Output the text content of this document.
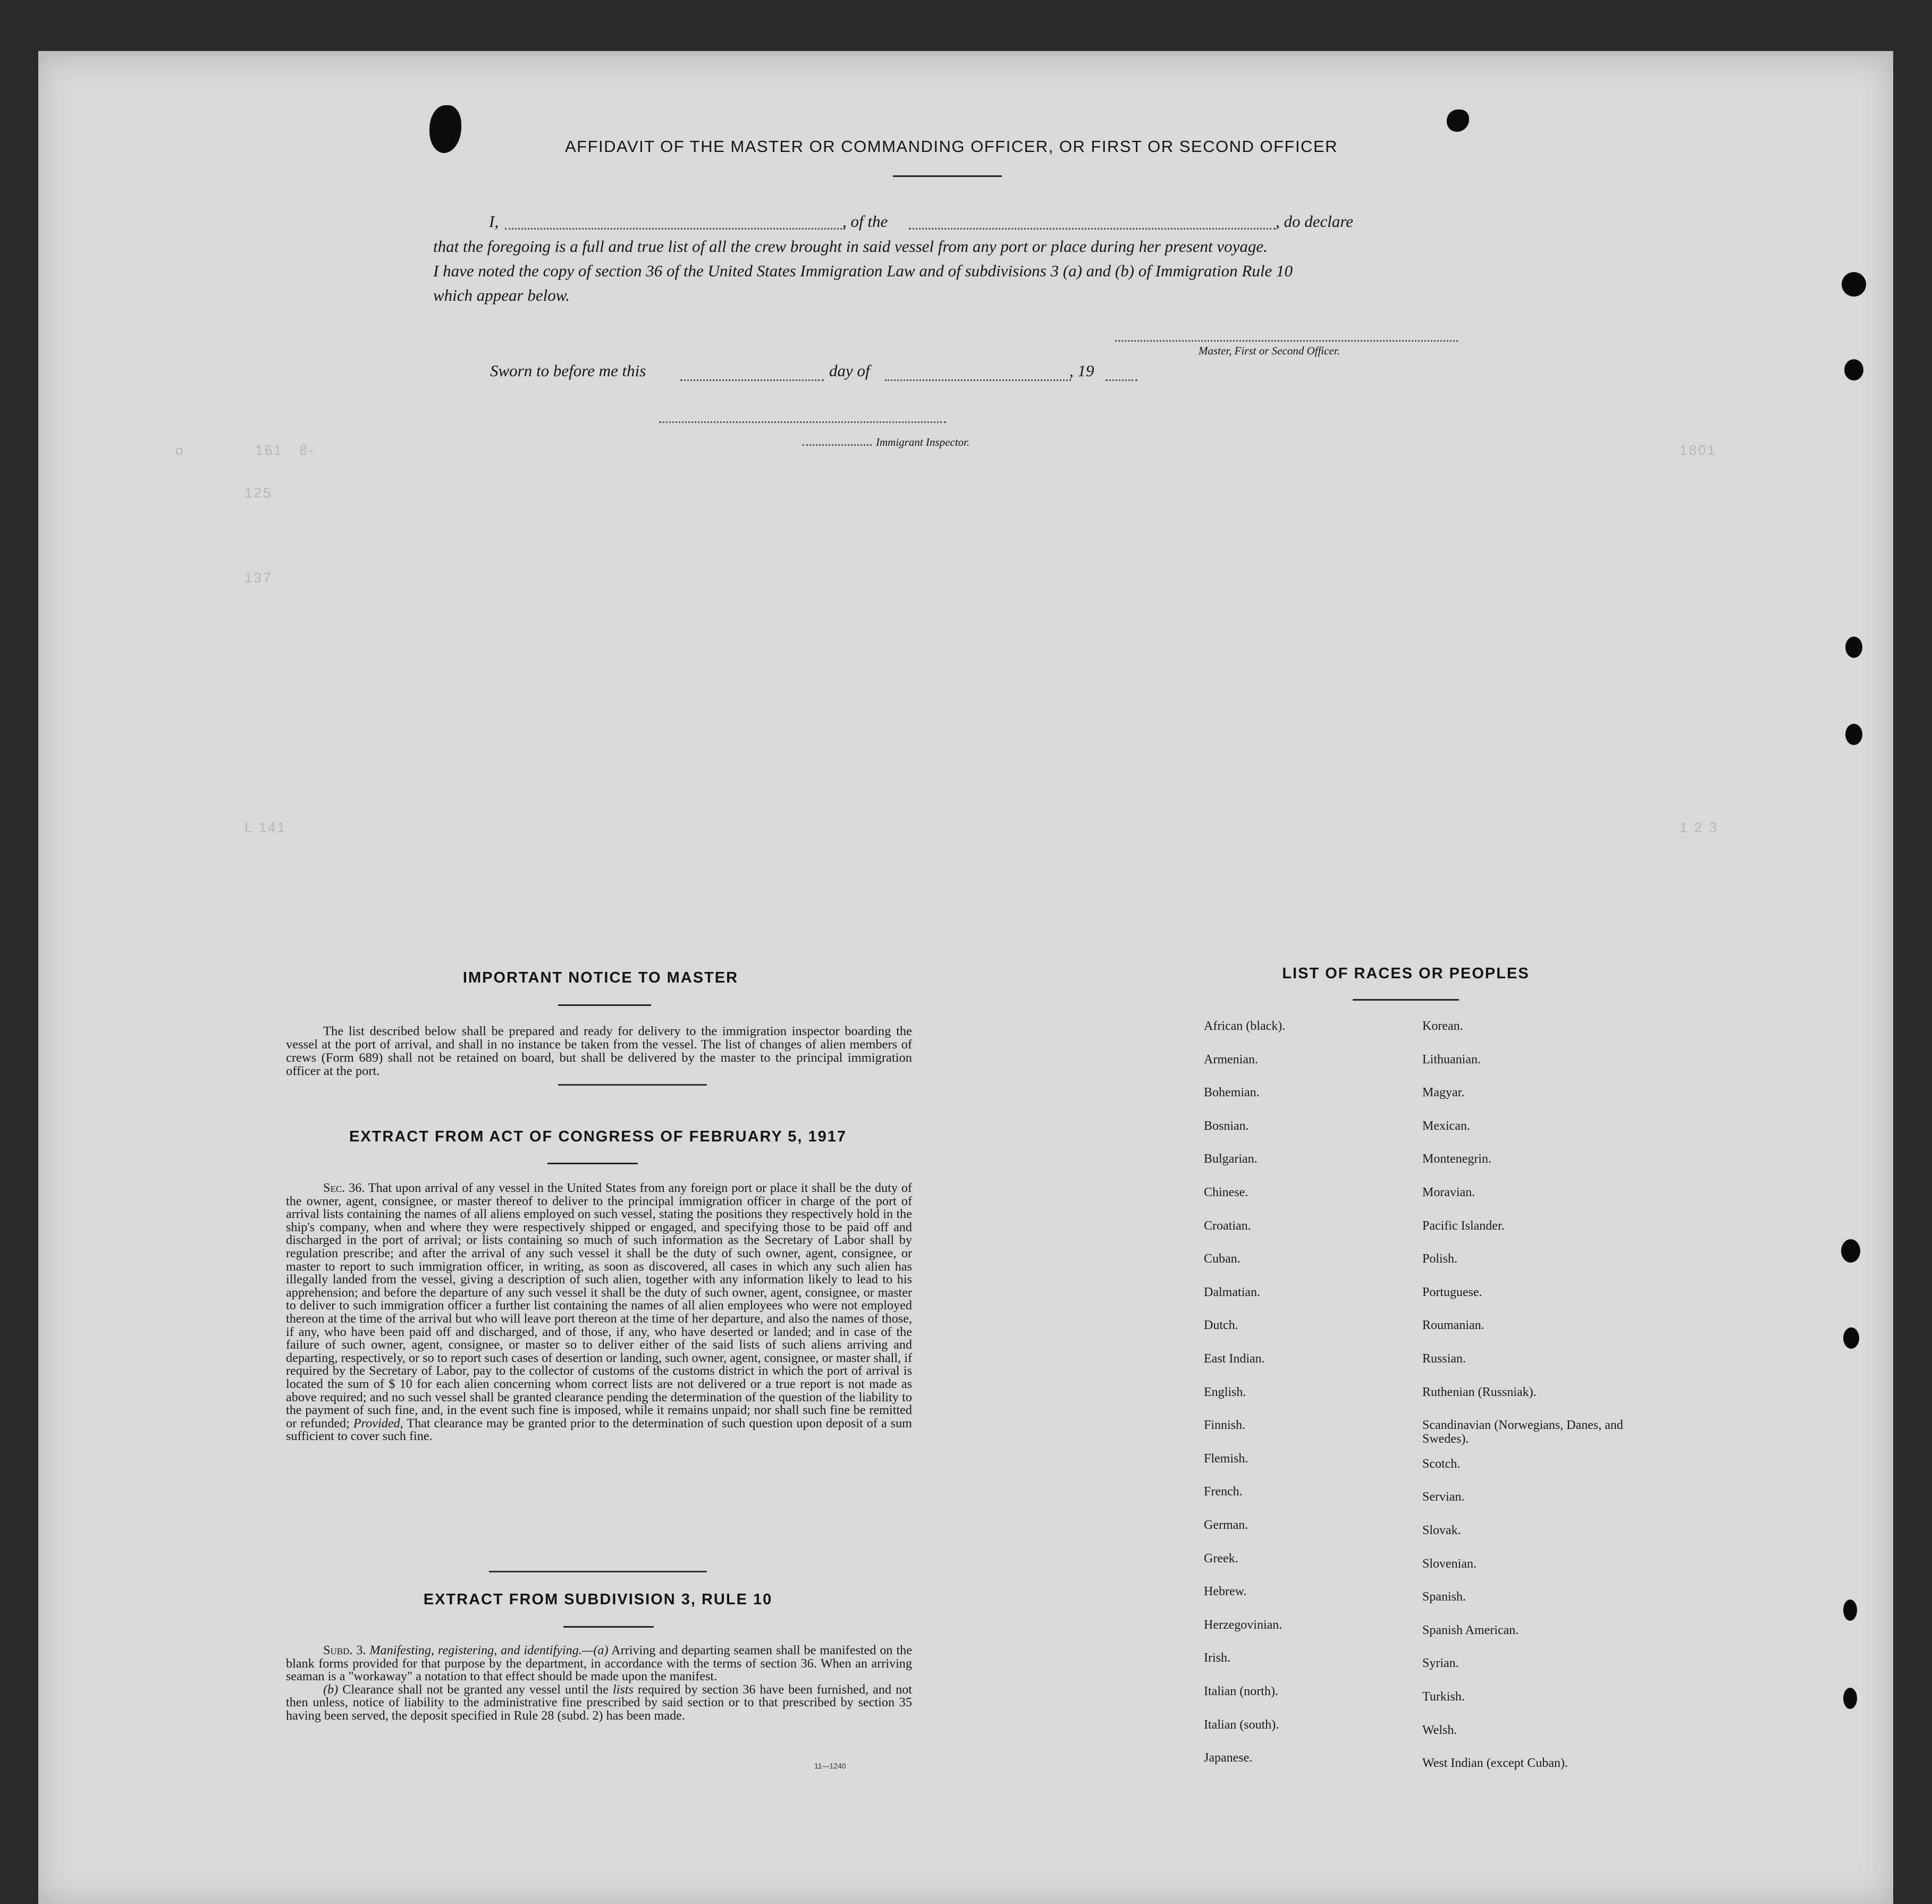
o             161   8-
125
137
L 141
1801
1 2 3
AFFIDAVIT OF THE MASTER OR COMMANDING OFFICER, OR FIRST OR SECOND OFFICER
I,	, of the	, do declare
that the foregoing is a full and true list of all the crew brought in said vessel from any port or place during her present voyage.
I have noted the copy of section 36 of the United States Immigration Law and of subdivisions 3 (a) and (b) of Immigration Rule 10
which appear below.
Master, First or Second Officer.
Sworn to before me this	day of	, 19
Immigrant Inspector.
IMPORTANT NOTICE TO MASTER

The list described below shall be prepared and ready for delivery to the immigration inspector boarding the vessel at the port of arrival, and shall in no instance be taken from the vessel. The list of changes of alien members of crews (Form 689) shall not be retained on board, but shall be delivered by the master to the principal immigration officer at the port.

EXTRACT FROM ACT OF CONGRESS OF FEBRUARY 5, 1917

Sec. 36. That upon arrival of any vessel in the United States from any foreign port or place it shall be the duty of the owner, agent, consignee, or master thereof to deliver to the principal immigration officer in charge of the port of arrival lists containing the names of all aliens employed on such vessel, stating the positions they respectively hold in the ship's company, when and where they were respectively shipped or engaged, and specifying those to be paid off and discharged in the port of arrival; or lists containing so much of such information as the Secretary of Labor shall by regulation prescribe; and after the arrival of any such vessel it shall be the duty of such owner, agent, consignee, or master to report to such immigration officer, in writing, as soon as discovered, all cases in which any such alien has illegally landed from the vessel, giving a description of such alien, together with any information likely to lead to his apprehension; and before the departure of any such vessel it shall be the duty of such owner, agent, consignee, or master to deliver to such immigration officer a further list containing the names of all alien employees who were not employed thereon at the time of the arrival but who will leave port thereon at the time of her departure, and also the names of those, if any, who have been paid off and discharged, and of those, if any, who have deserted or landed; and in case of the failure of such owner, agent, consignee, or master so to deliver either of the said lists of such aliens arriving and departing, respectively, or so to report such cases of desertion or landing, such owner, agent, consignee, or master shall, if required by the Secretary of Labor, pay to the collector of customs of the customs district in which the port of arrival is located the sum of $ 10 for each alien concerning whom correct lists are not delivered or a true report is not made as above required; and no such vessel shall be granted clearance pending the determination of the question of the liability to the payment of such fine, and, in the event such fine is imposed, while it remains unpaid; nor shall such fine be remitted or refunded; Provided, That clearance may be granted prior to the determination of such question upon deposit of a sum sufficient to cover such fine.

EXTRACT FROM SUBDIVISION 3, RULE 10

Subd. 3. Manifesting, registering, and identifying.—(a) Arriving and departing seamen shall be manifested on the blank forms provided for that purpose by the department, in accordance with the terms of section 36. When an arriving seaman is a "workaway" a notation to that effect should be made upon the manifest.

(b) Clearance shall not be granted any vessel until the lists required by section 36 have been furnished, and not then unless, notice of liability to the administrative fine prescribed by said section or to that prescribed by section 35 having been served, the deposit specified in Rule 28 (subd. 2) has been made.

11—1240
LIST OF RACES OR PEOPLES
African (black).
Armenian.
Bohemian.
Bosnian.
Bulgarian.
Chinese.
Croatian.
Cuban.
Dalmatian.
Dutch.
East Indian.
English.
Finnish.
Flemish.
French.
German.
Greek.
Hebrew.
Herzegovinian.
Irish.
Italian (north).
Italian (south).
Japanese.
Korean.
Lithuanian.
Magyar.
Mexican.
Montenegrin.
Moravian.
Pacific Islander.
Polish.
Portuguese.
Roumanian.
Russian.
Ruthenian (Russniak).
Scandinavian (Norwegians, Danes, and Swedes).
Scotch.
Servian.
Slovak.
Slovenian.
Spanish.
Spanish American.
Syrian.
Turkish.
Welsh.
West Indian (except Cuban).
